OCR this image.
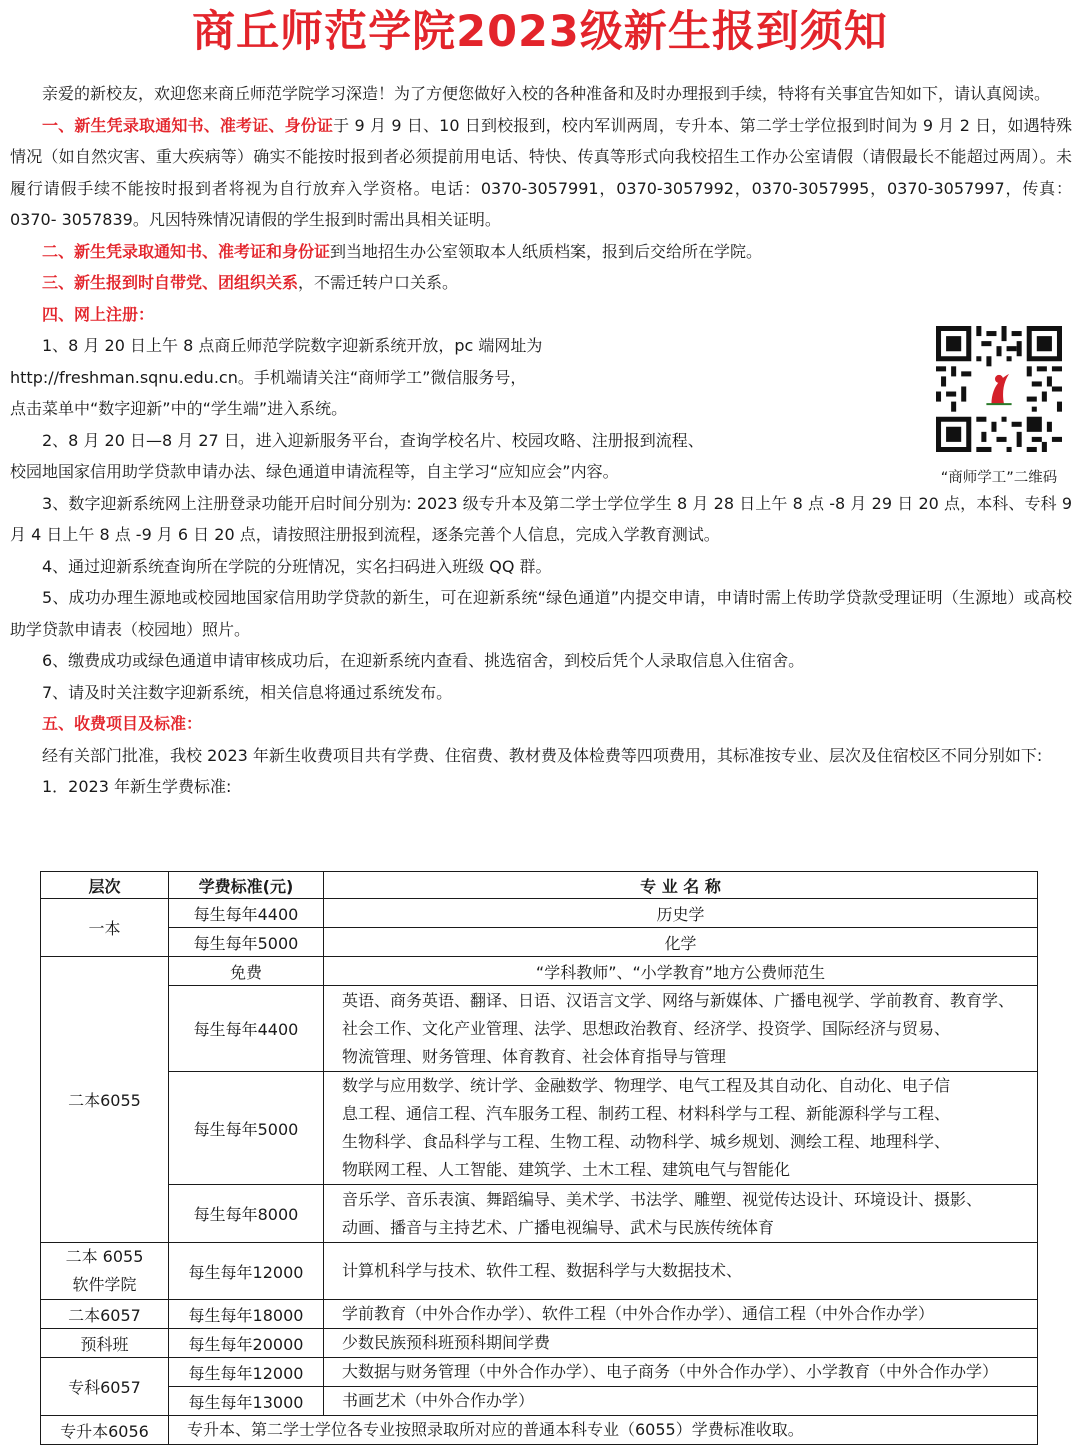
商丘师范学院2023级新生报到须知

亲爱的新校友，欢迎您来商丘师范学院学习深造！为了方便您做好入校的各种准备和及时办理报到手续，特将有关事宜告知如下，请认真阅读。

一、新生凭录取通知书、准考证、身份证于 9 月 9 日、10 日到校报到，校内军训两周，专升本、第二学士学位报到时间为 9 月 2 日，如遇特殊情况（如自然灾害、重大疾病等）确实不能按时报到者必须提前用电话、特快、传真等形式向我校招生工作办公室请假（请假最长不能超过两周）。未履行请假手续不能按时报到者将视为自行放弃入学资格。电话：0370-3057991，0370-3057992，0370-3057995，0370-3057997，传真：0370- 3057839。凡因特殊情况请假的学生报到时需出具相关证明。

二、新生凭录取通知书、准考证和身份证到当地招生办公室领取本人纸质档案，报到后交给所在学院。

三、新生报到时自带党、团组织关系，不需迁转户口关系。

四、网上注册：

1、8 月 20 日上午 8 点商丘师范学院数字迎新系统开放，pc 端网址为
http://freshman.sqnu.edu.cn。手机端请关注“商师学工”微信服务号，
点击菜单中“数字迎新”中的“学生端”进入系统。

2、8 月 20 日—8 月 27 日，进入迎新服务平台，查询学校名片、校园攻略、注册报到流程、
校园地国家信用助学贷款申请办法、绿色通道申请流程等，自主学习“应知应会”内容。

3、数字迎新系统网上注册登录功能开启时间分别为: 2023 级专升本及第二学士学位学生 8 月 28 日上午 8 点 -8 月 29 日 20 点，本科、专科 9 月 4 日上午 8 点 -9 月 6 日 20 点，请按照注册报到流程，逐条完善个人信息，完成入学教育测试。

4、通过迎新系统查询所在学院的分班情况，实名扫码进入班级 QQ 群。

5、成功办理生源地或校园地国家信用助学贷款的新生，可在迎新系统“绿色通道”内提交申请，申请时需上传助学贷款受理证明（生源地）或高校助学贷款申请表（校园地）照片。

6、缴费成功或绿色通道申请审核成功后，在迎新系统内查看、挑选宿舍，到校后凭个人录取信息入住宿舍。

7、请及时关注数字迎新系统，相关信息将通过系统发布。

五、收费项目及标准：

经有关部门批准，我校 2023 年新生收费项目共有学费、住宿费、教材费及体检费等四项费用，其标准按专业、层次及住宿校区不同分别如下:

1．2023 年新生学费标准:

“商师学工”二维码
层次	学费标准(元)	专 业 名 称
一本	每生每年4400	历史学
	每生每年5000	化学
二本6055	免费	“学科教师”、“小学教育”地方公费师范生
	每生每年4400	英语、商务英语、翻译、日语、汉语言文学、网络与新媒体、广播电视学、学前教育、教育学、
社会工作、文化产业管理、法学、思想政治教育、经济学、投资学、国际经济与贸易、
物流管理、财务管理、体育教育、社会体育指导与管理

	每生每年5000	数学与应用数学、统计学、金融数学、物理学、电气工程及其自动化、自动化、电子信
息工程、通信工程、汽车服务工程、制药工程、材料科学与工程、新能源科学与工程、
生物科学、食品科学与工程、生物工程、动物科学、城乡规划、测绘工程、地理科学、
物联网工程、人工智能、建筑学、土木工程、建筑电气与智能化

	每生每年8000	音乐学、音乐表演、舞蹈编导、美术学、书法学、雕塑、视觉传达设计、环境设计、摄影、
动画、播音与主持艺术、广播电视编导、武术与民族传统体育

二本 6055
软件学院	每生每年12000	计算机科学与技术、软件工程、数据科学与大数据技术、
二本6057	每生每年18000	学前教育（中外合作办学）、软件工程（中外合作办学）、通信工程（中外合作办学）
预科班	每生每年20000	少数民族预科班预科期间学费
专科6057	每生每年12000	大数据与财务管理（中外合作办学）、电子商务（中外合作办学）、小学教育（中外合作办学）
	每生每年13000	书画艺术（中外合作办学）
专升本6056	专升本、第二学士学位各专业按照录取所对应的普通本科专业（6055）学费标准收取。	
